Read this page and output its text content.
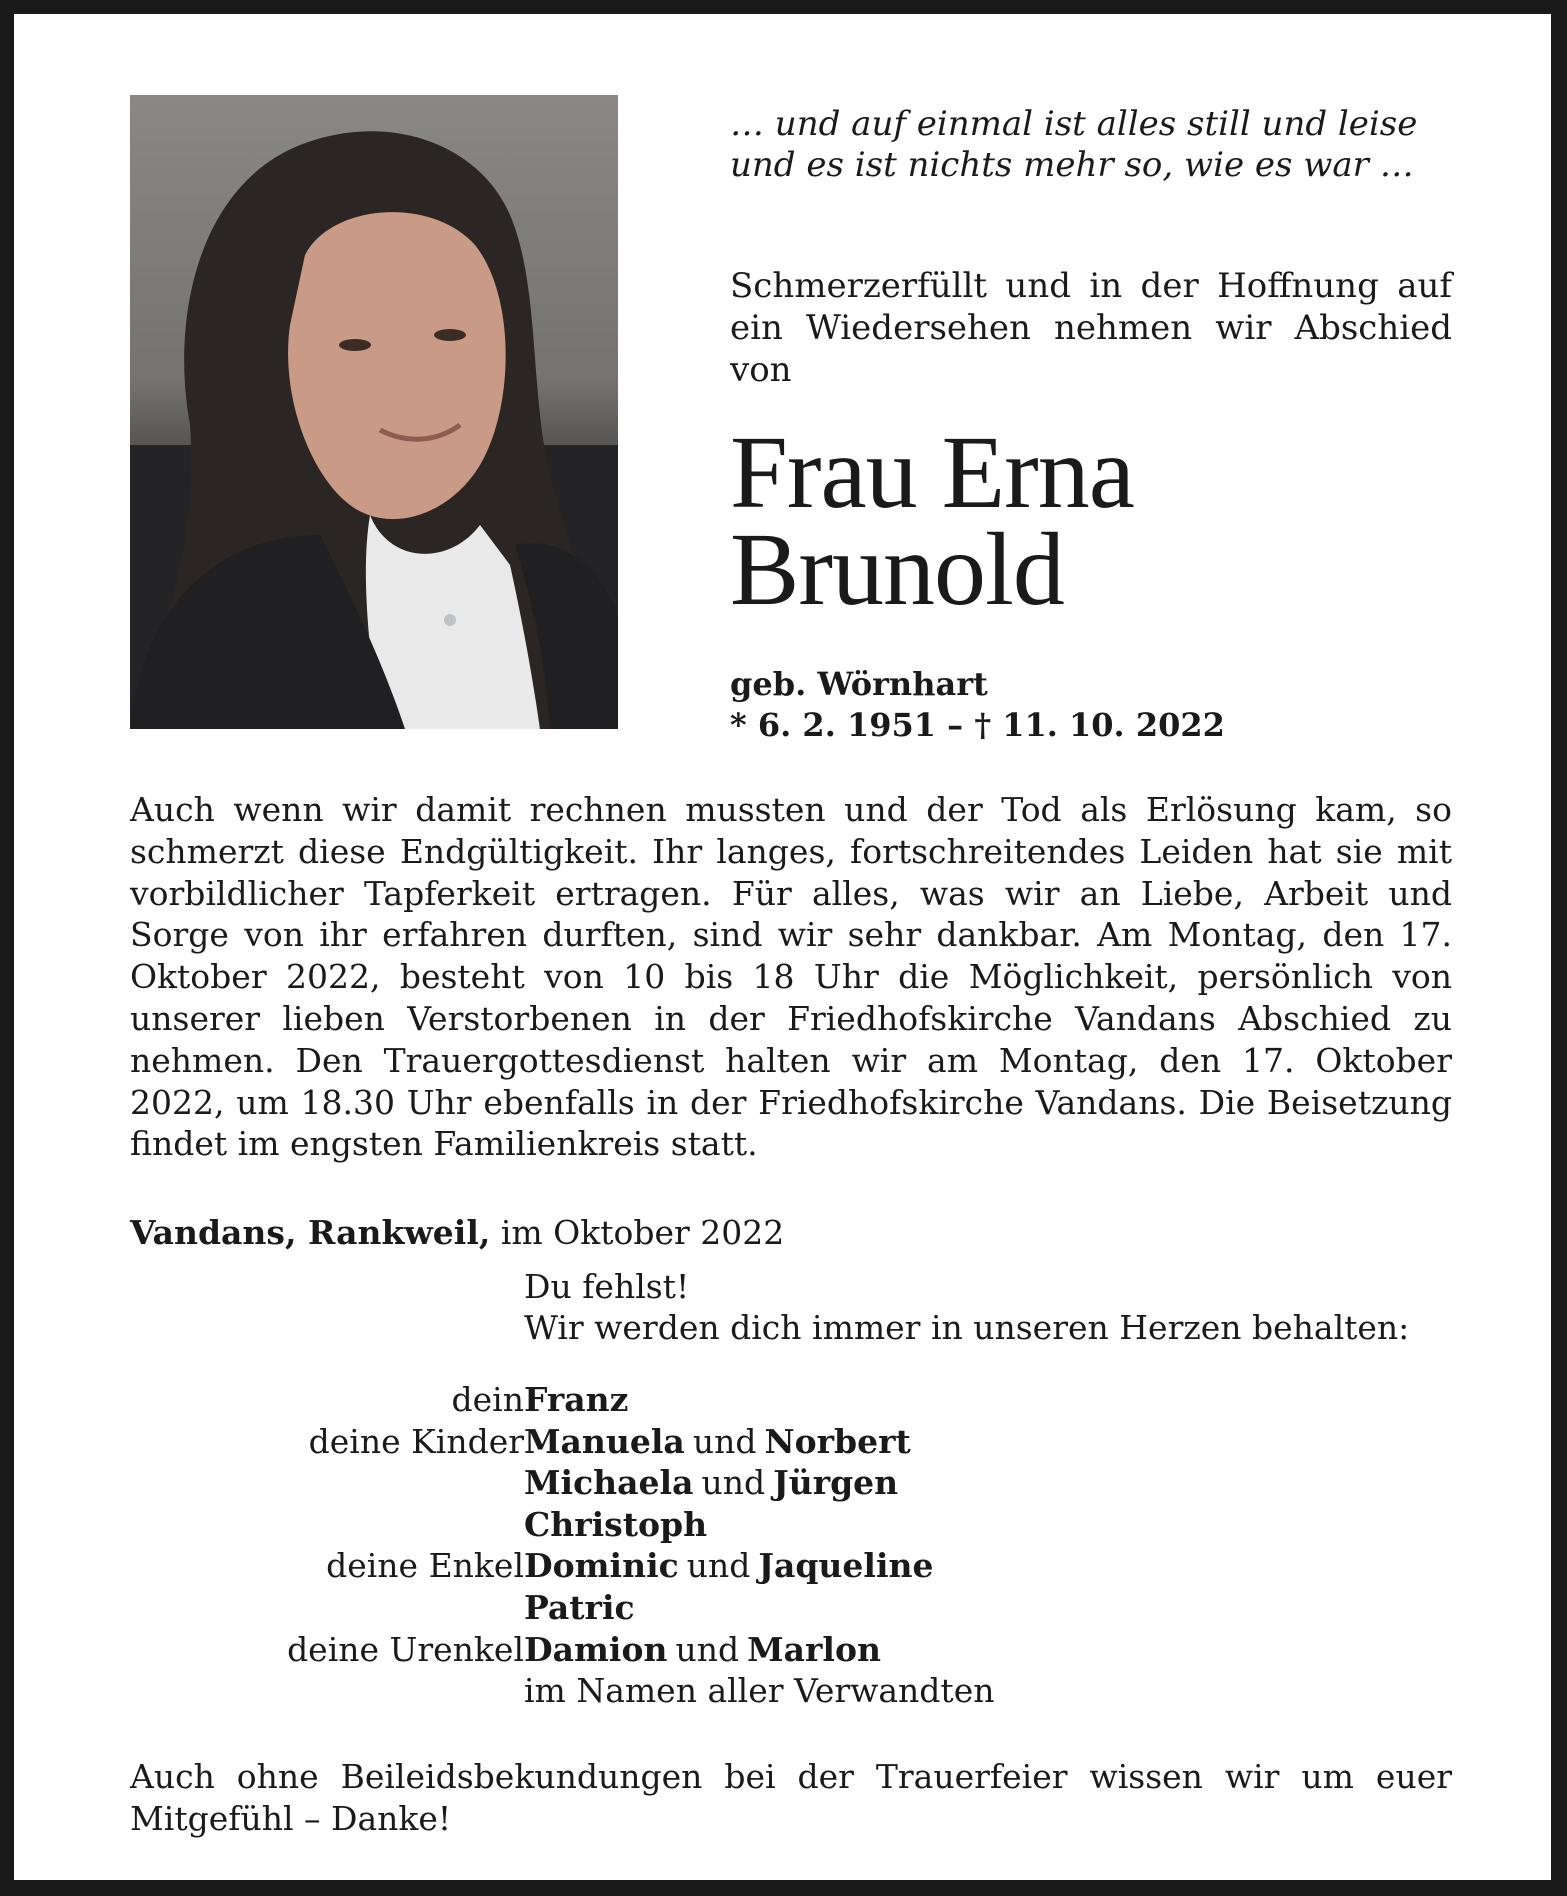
… und auf einmal ist alles still und leise
und es ist nichts mehr so, wie es war …
Schmerzerfüllt und in der Hoffnung auf ein Wiedersehen nehmen wir Abschied von
Frau Erna
Brunold
geb. Wörnhart
* 6. 2. 1951 – † 11. 10. 2022
Auch wenn wir damit rechnen mussten und der Tod als Erlösung kam, so schmerzt diese Endgültigkeit. Ihr langes, fortschreitendes Leiden hat sie mit vorbildlicher Tapferkeit ertragen. Für alles, was wir an Liebe, Arbeit und Sorge von ihr erfahren durften, sind wir sehr dankbar. Am Montag, den 17. Oktober 2022, besteht von 10 bis 18 Uhr die Möglichkeit, persönlich von unserer lieben Verstorbenen in der Friedhofskirche Vandans Abschied zu nehmen. Den Trauergottesdienst halten wir am Montag, den 17. Oktober 2022, um 18.30 Uhr ebenfalls in der Friedhofskirche Vandans. Die Beisetzung findet im engsten Familienkreis statt.
Vandans, Rankweil, im Oktober 2022
Du fehlst!
Wir werden dich immer in unseren Herzen behalten:
dein Franz
deine Kinder Manuela und Norbert
Michaela und Jürgen
Christoph
deine Enkel Dominic und Jaqueline
Patric
deine Urenkel Damion und Marlon
im Namen aller Verwandten
Auch ohne Beileidsbekundungen bei der Trauerfeier wissen wir um euer Mitgefühl – Danke!
